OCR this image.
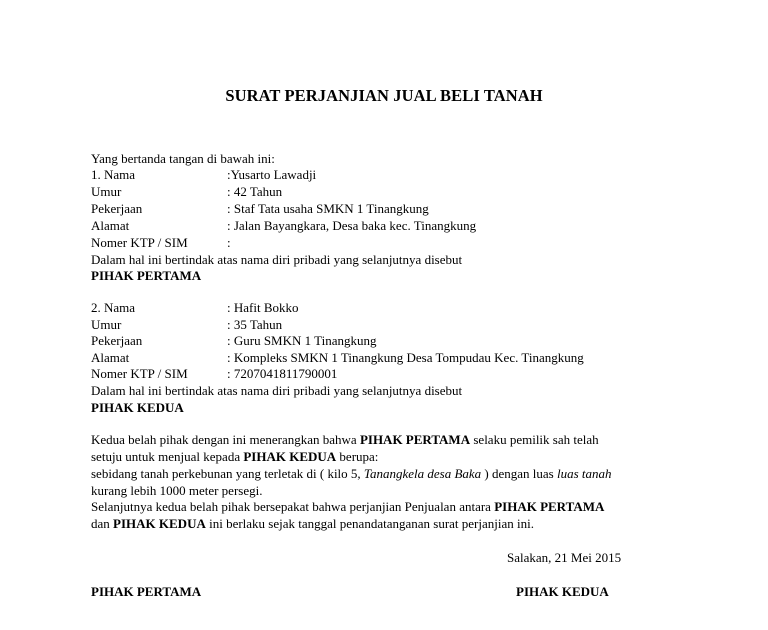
SURAT PERJANJIAN JUAL BELI TANAH
Yang bertanda tangan di bawah ini:
1. Nama	:Yusarto Lawadji
Umur	: 42 Tahun
Pekerjaan	: Staf Tata usaha SMKN 1 Tinangkung
Alamat	: Jalan Bayangkara, Desa baka kec. Tinangkung
Nomer KTP / SIM	:
Dalam hal ini bertindak atas nama diri pribadi yang selanjutnya disebut
PIHAK PERTAMA
2. Nama	: Hafit Bokko
Umur	: 35 Tahun
Pekerjaan	: Guru SMKN 1 Tinangkung
Alamat	: Kompleks SMKN 1 Tinangkung Desa Tompudau Kec. Tinangkung
Nomer KTP / SIM	: 7207041811790001
Dalam hal ini bertindak atas nama diri pribadi yang selanjutnya disebut
PIHAK KEDUA
Kedua belah pihak dengan ini menerangkan bahwa PIHAK PERTAMA selaku pemilik sah telah
setuju untuk menjual kepada PIHAK KEDUA berupa:
sebidang tanah perkebunan yang terletak di ( kilo 5, Tanangkela desa Baka ) dengan luas luas tanah
kurang lebih 1000 meter persegi.
Selanjutnya kedua belah pihak bersepakat bahwa perjanjian Penjualan antara PIHAK PERTAMA
dan PIHAK KEDUA ini berlaku sejak tanggal penandatanganan surat perjanjian ini.
Salakan, 21 Mei 2015
PIHAK PERTAMA	PIHAK KEDUA
